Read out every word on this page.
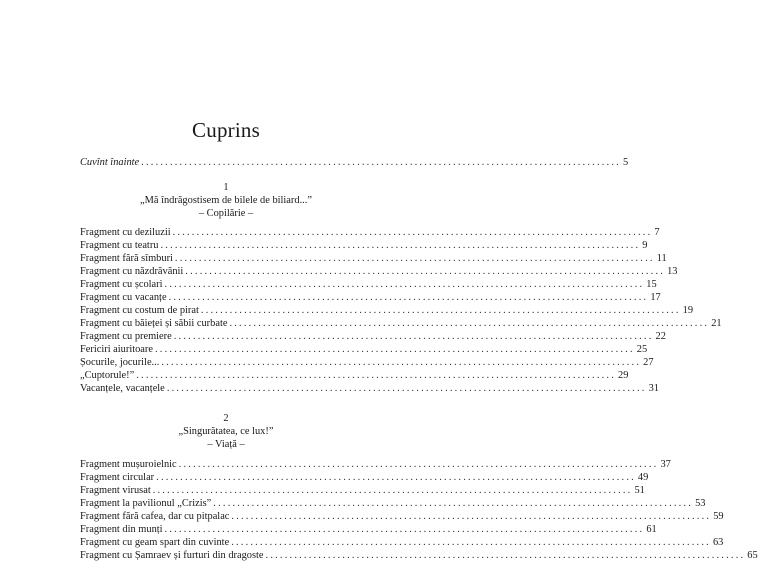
Cuprins
Cuvînt înainte .................................................................................................... 5
1
„Mă îndrăgostisem de bilele de biliard...”
– Copilărie –
Fragment cu deziluzii .................................................................................................... 7
Fragment cu teatru .................................................................................................... 9
Fragment fără sîmburi .................................................................................................... 11
Fragment cu năzdrăvănii .................................................................................................... 13
Fragment cu școlari .................................................................................................... 15
Fragment cu vacanțe .................................................................................................... 17
Fragment cu costum de pirat .................................................................................................... 19
Fragment cu băieței și săbii curbate .................................................................................................... 21
Fragment cu premiere .................................................................................................... 22
Fericiri aiuritoare .................................................................................................... 25
Șocurile, jocurile... .................................................................................................... 27
„Cuptorule!” .................................................................................................... 29
Vacanțele, vacanțele .................................................................................................... 31
2
„Singurătatea, ce lux!”
– Viață –
Fragment mușuroielnic .................................................................................................... 37
Fragment circular .................................................................................................... 49
Fragment virusat .................................................................................................... 51
Fragment la pavilionul „Crizis” .................................................................................................... 53
Fragment fără cafea, dar cu pitpalac .................................................................................................... 59
Fragment din munți .................................................................................................... 61
Fragment cu geam spart din cuvinte .................................................................................................... 63
Fragment cu Șamraev și furturi din dragoste .................................................................................................... 65
